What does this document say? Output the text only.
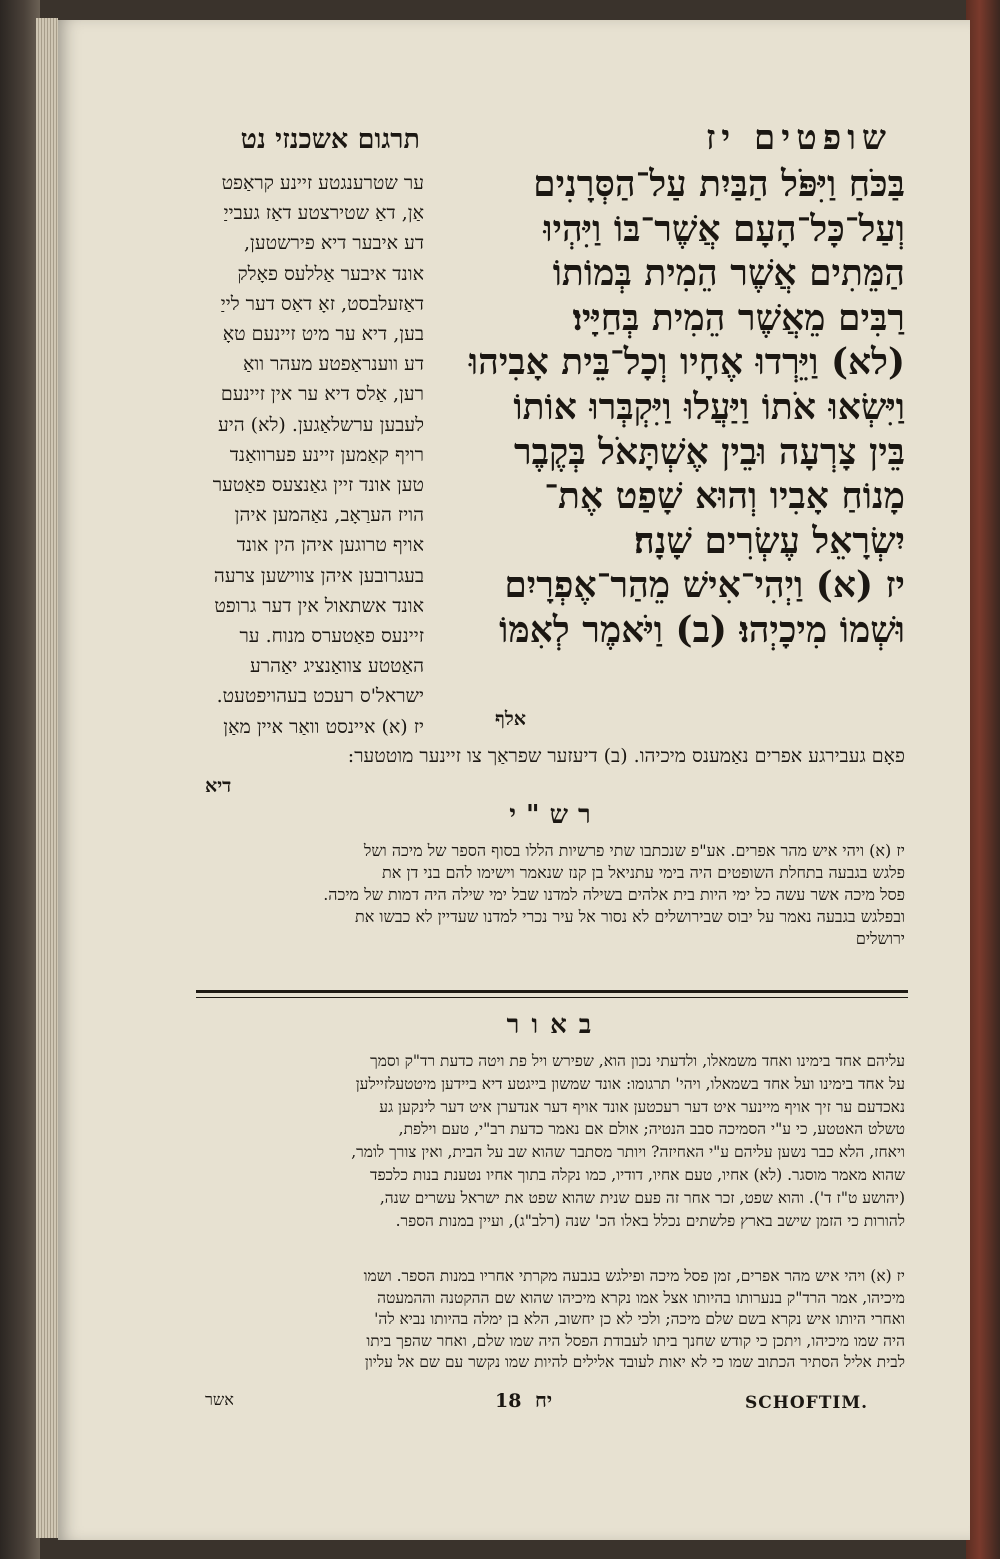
שופטים יז
תרגום אשכנזי נט
בַּכֹּחַ וַיִּפֹּל הַבַּיִת עַל־הַסְּרָנִים
וְעַל־כָּל־הָעָם אֲשֶׁר־בּוֹ וַיִּהְיוּ
הַמֵּתִים אֲשֶׁר הֵמִית בְּמוֹתוֹ
רַבִּים מֵאֲשֶׁר הֵמִית בְּחַיָּיו׃
(לא) וַיֵּרְדוּ אֶחָיו וְכָל־בֵּית אָבִיהוּ
וַיִּשְׂאוּ אֹתוֹ וַיַּעֲלוּ וַיִּקְבְּרוּ אוֹתוֹ
בֵּין צָרְעָה וּבֵין אֶשְׁתָּאֹל בְּקֶבֶר
מָנוֹחַ אָבִיו וְהוּא שָׁפַט אֶת־
יִשְׂרָאֵל עֶשְׂרִים שָׁנָה׃
יז (א) וַיְהִי־אִישׁ מֵהַר־אֶפְרָיִם
וּשְׁמוֹ מִיכָיְהוּ׃ (ב) וַיֹּאמֶר לְאִמּוֹ
אלף
ער שטרענגטע זיינע קראַפט
אַן, דאַ שטירצטע דאַז געבייַ
דע איבער דיא פירשטען,
אונד איבער אַללעס פאָלק
דאַזעלבסט, זאָ דאַס דער לייַ
בען, דיא ער מיט זיינעם טאָ
דע ווענראַפטע מעהר וואַ
רען, אַלס דיא ער אין זיינעם
לעבען ערשלאַגען. (לא) היע
רויף קאַמען זיינע פערוואַנד
טען אונד זיין גאַנצעס פאַטער
הויז הערַאָב, נאַהמען איהן
אויף טרוגען איהן הין אונד
בעגרובען איהן צווישען צרעה
אונד אשתאול אין דער גרופט
זיינעס פאַטערס מנוח. ער
האַטטע צוואַנציג יאַהרע
ישראל'ס רעכט בעהויפטעט.
יז (א) איינסט וואַר איין מאַן
פאָם געבירגע אפרים נאַמענס מיכיהו. (ב) דיעזער שפראַך צו זיינער מוטטער:
דיא
רש"י
יז (א) ויהי איש מהר אפרים. אע"פ שנכתבו שתי פרשיות הללו בסוף הספר של מיכה ושל
פלגש בגבעה בתחלת השופטים היה בימי עתניאל בן קנז שנאמר וישימו להם בני דן את
פסל מיכה אשר עשה כל ימי היות בית אלהים בשילה למדנו שבל ימי שילה היה דמות של מיכה.
ובפלגש בגבעה נאמר על יבוס שבירושלים לא נסור אל עיר נכרי למדנו שעדיין לא כבשו את
ירושלים
באור
עליהם אחד בימינו ואחד משמאלו, ולדעתי נכון הוא, שפירש ויל פת ויטה כדעת רד"ק וסמך
על אחד בימינו ועל אחד בשמאלו, ויהי' תרגומו: אונד שמשון בייגטע דיא ביידען מיטטעלזיילען
נאכדעם ער זיך אויף מיינער איט דער רעכטען אונד אויף דער אנדערן איט דער לינקען גע
טשלט האטטע, כי ע"י הסמיכה סבב הנטיה; אולם אם נאמר כדעת רב"י, טעם וילפת,
ויאחז, הלא כבר נשען עליהם ע"י האחיזה? ויותר מסתבר שהוא שב על הבית, ואין צורך לומר,
שהוא מאמר מוסגר. (לא) אחיו, טעם אחיו, דודיו, כמו נקלה בתוך אחיו נטענת בנות כלכפד
(יהושע ט"ז ד'). והוא שפט, זכר אחר זה פעם שנית שהוא שפט את ישראל עשרים שנה,
להורות כי הזמן שישב בארץ פלשתים נכלל באלו הכ' שנה (רלב"ג), ועיין במנות הספר.
יז (א) ויהי איש מהר אפרים, זמן פסל מיכה ופילגש בגבעה מקרתי אחריו במנות הספר. ושמו
מיכיהו, אמר הרד"ק בנערותו בהיותו אצל אמו נקרא מיכיהו שהוא שם ההקטנה וההמעטה
ואחרי היותו איש נקרא בשם שלם מיכה; ולכי לא כן יחשוב, הלא בן ימלה בהיותו נביא לה'
היה שמו מיכיהו, ויתכן כי קודש שחנך ביתו לעבודת הפסל היה שמו שלם, ואחר שהפך ביתו
לבית אליל הסתיר הכתוב שמו כי לא יאות לעובד אלילים להיות שמו נקשר עם שם אל עליון
אשר	18 יח	SCHOFTIM.
